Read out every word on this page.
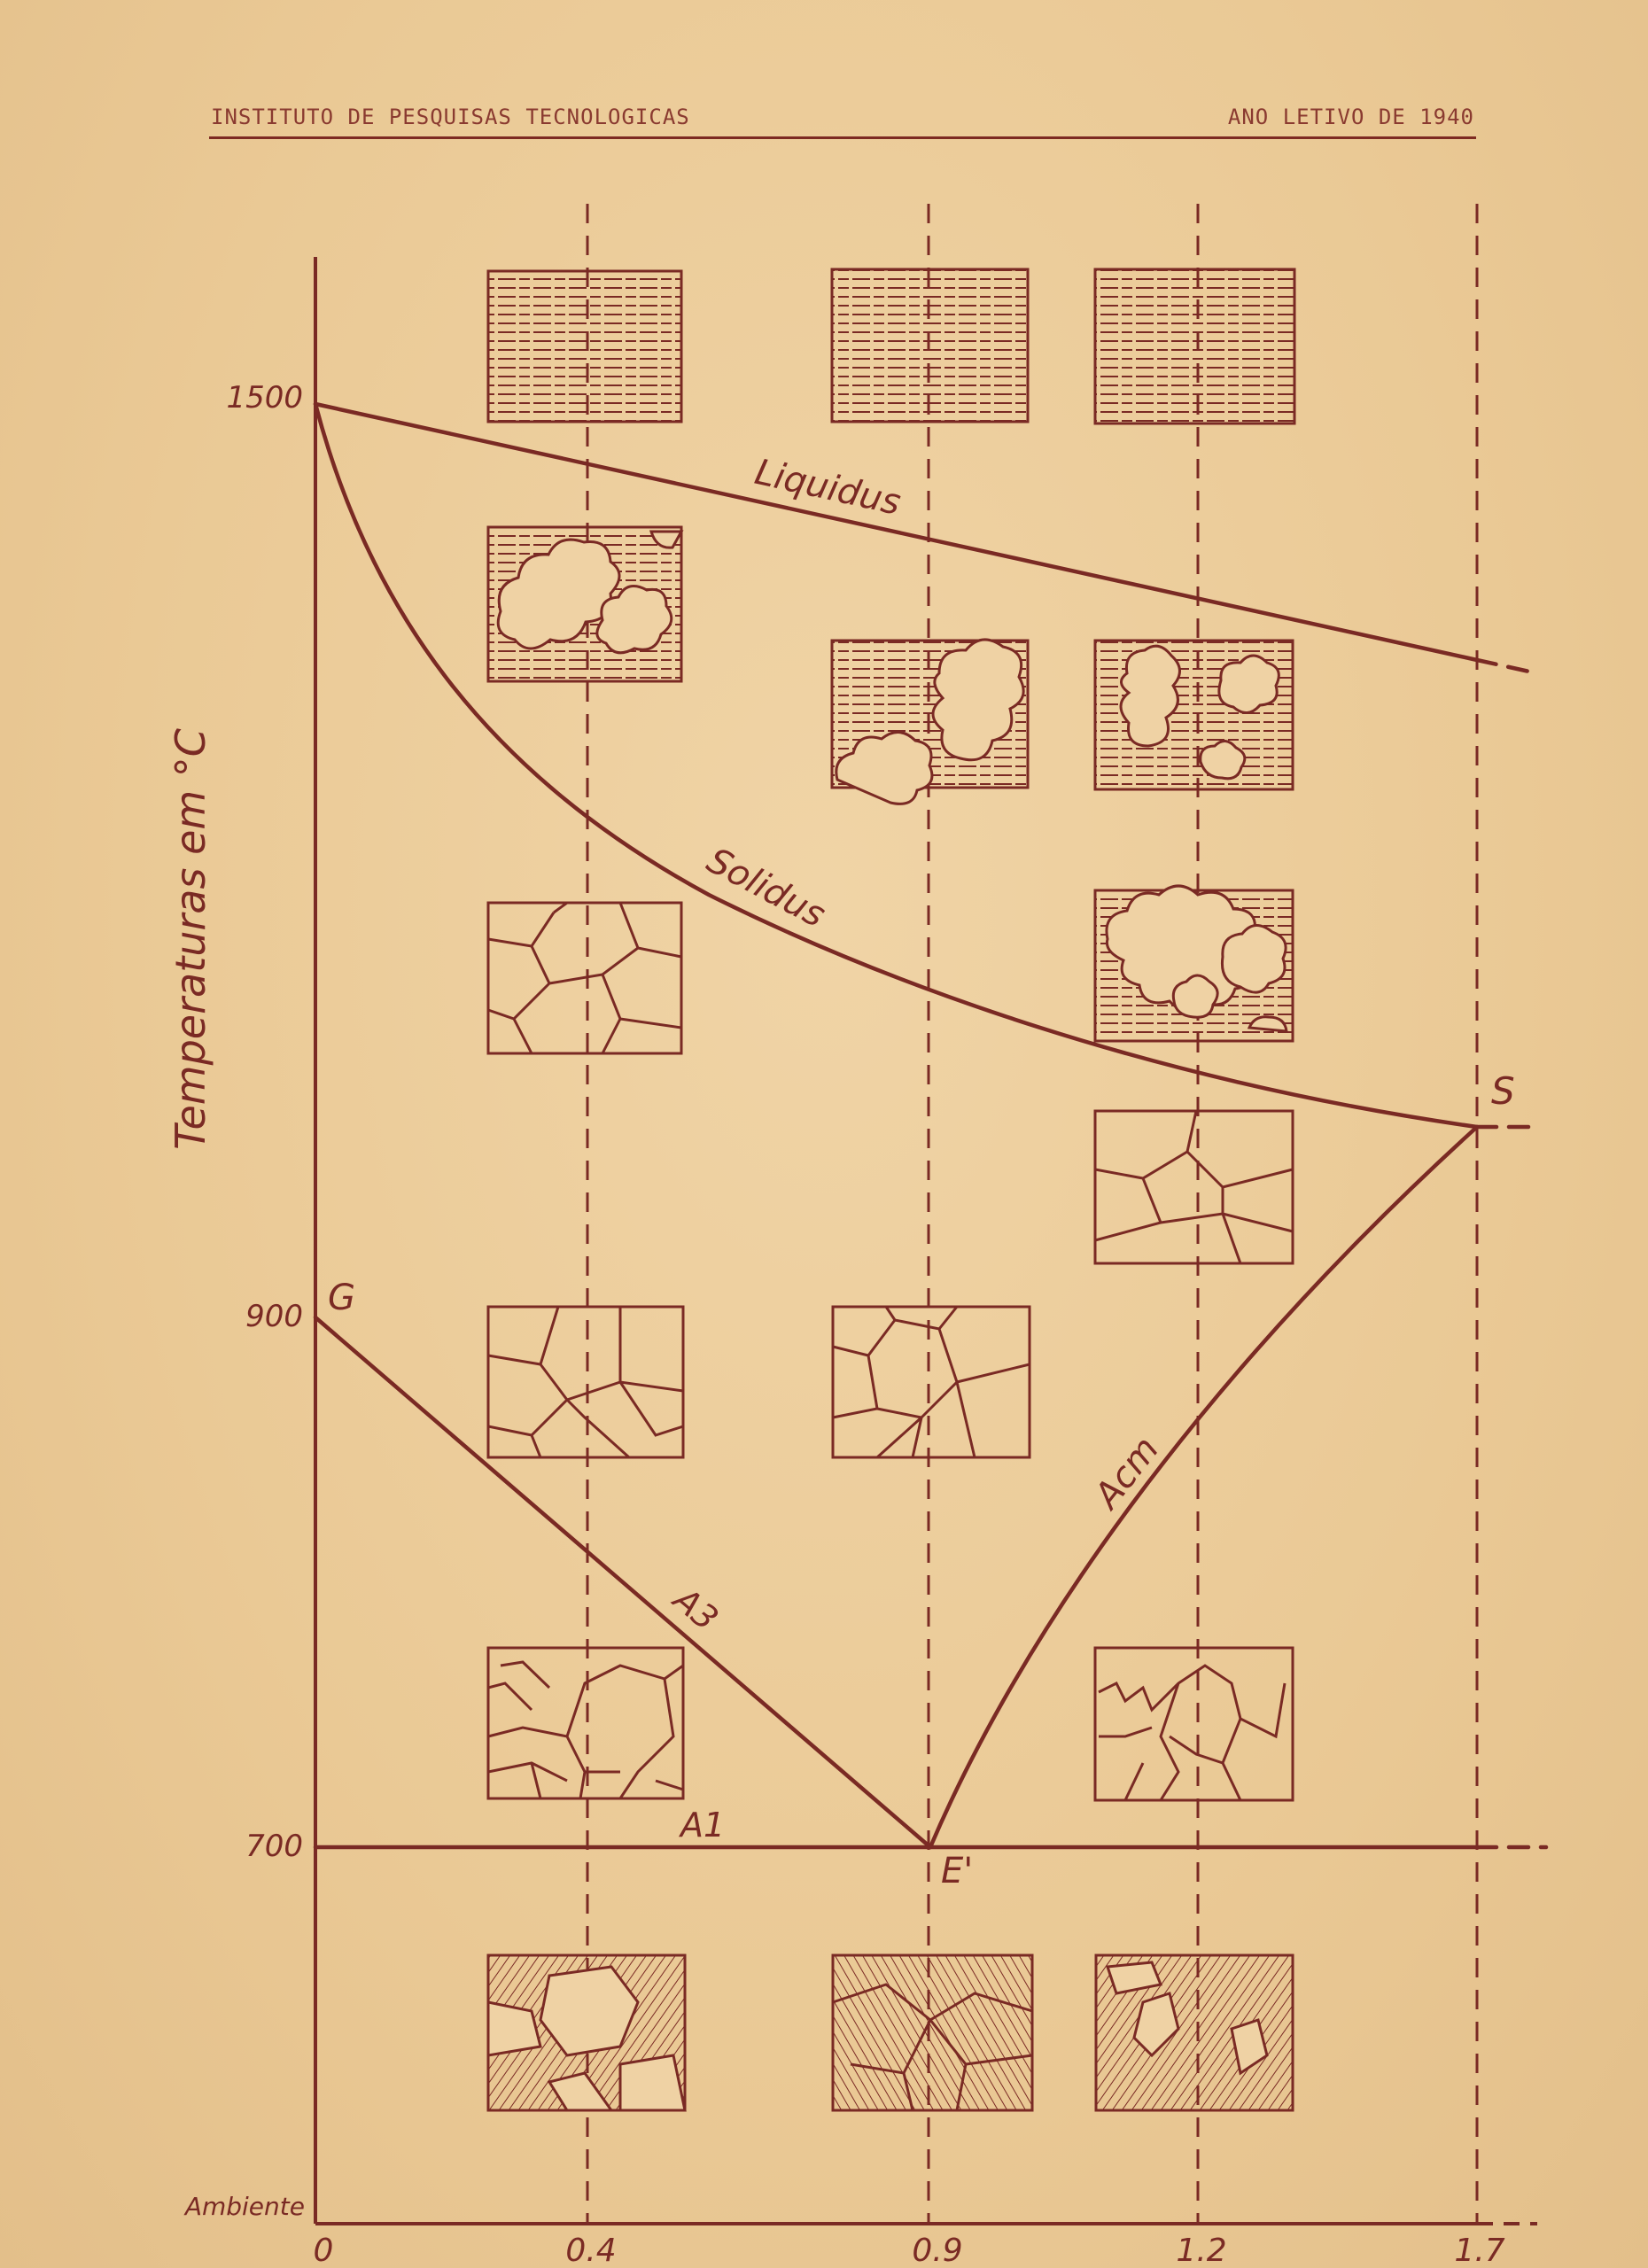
INSTITUTO DE PESQUISAS TECNOLOGICAS	ANO LETIVO DE 1940
Temperaturas em °C
1500
900
700
Ambiente
0	0.4	0.9	1.2	1.7
Liquidus
Solidus
A3
Acm
A1
G
S
E'
